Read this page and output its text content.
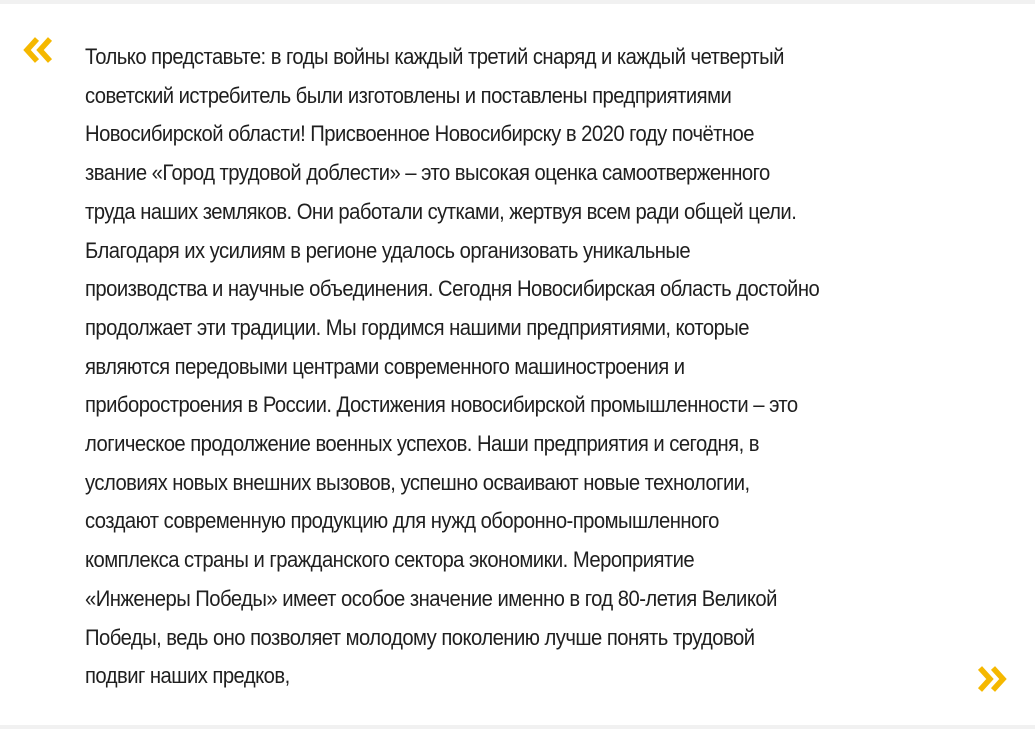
Только представьте: в годы войны каждый третий снаряд и каждый четвертый
советский истребитель были изготовлены и поставлены предприятиями
Новосибирской области! Присвоенное Новосибирску в 2020 году почётное
звание «Город трудовой доблести» – это высокая оценка самоотверженного
труда наших земляков. Они работали сутками, жертвуя всем ради общей цели.
Благодаря их усилиям в регионе удалось организовать уникальные
производства и научные объединения. Сегодня Новосибирская область достойно
продолжает эти традиции. Мы гордимся нашими предприятиями, которые
являются передовыми центрами современного машиностроения и
приборостроения в России. Достижения новосибирской промышленности – это
логическое продолжение военных успехов. Наши предприятия и сегодня, в
условиях новых внешних вызовов, успешно осваивают новые технологии,
создают современную продукцию для нужд оборонно-промышленного
комплекса страны и гражданского сектора экономики. Мероприятие
«Инженеры Победы» имеет особое значение именно в год 80-летия Великой
Победы, ведь оно позволяет молодому поколению лучше понять трудовой
подвиг наших предков,
